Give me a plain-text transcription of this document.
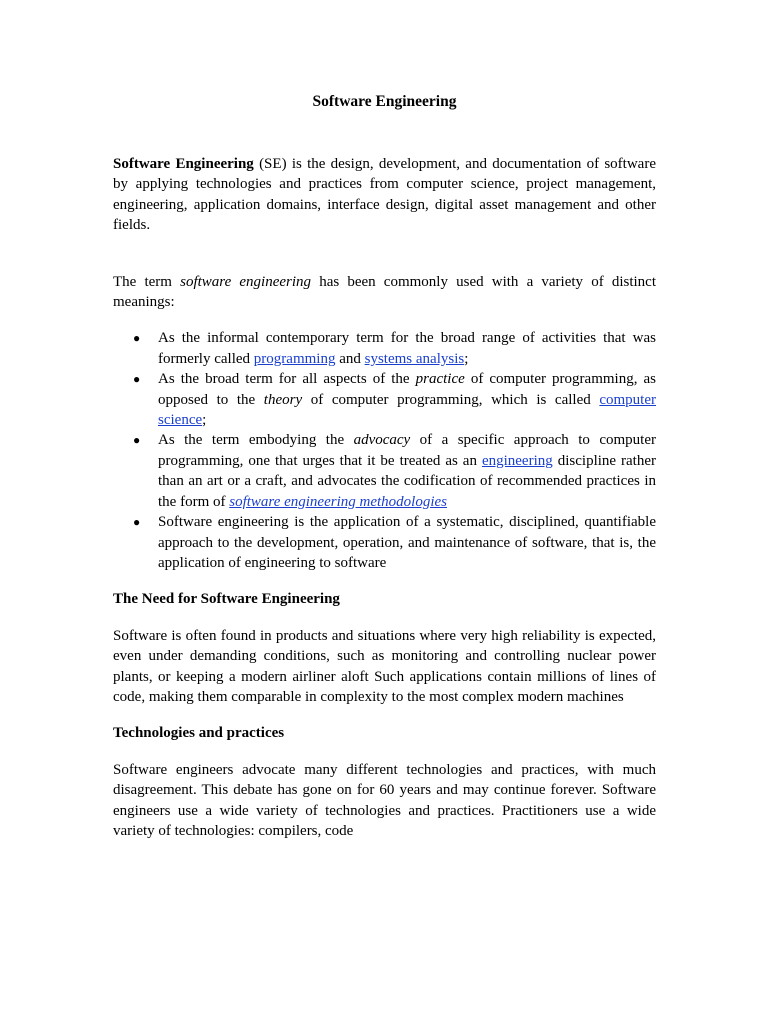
Software Engineering

Software Engineering (SE) is the design, development, and documentation of software by applying technologies and practices from computer science, project management, engineering, application domains, interface design, digital asset management and other fields.

The term software engineering has been commonly used with a variety of distinct meanings:

● As the informal contemporary term for the broad range of activities that was formerly called programming and systems analysis;
● As the broad term for all aspects of the practice of computer programming, as opposed to the theory of computer programming, which is called computer science;
● As the term embodying the advocacy of a specific approach to computer programming, one that urges that it be treated as an engineering discipline rather than an art or a craft, and advocates the codification of recommended practices in the form of software engineering methodologies
● Software engineering is the application of a systematic, disciplined, quantifiable approach to the development, operation, and maintenance of software, that is, the application of engineering to software
The Need for Software Engineering

Software is often found in products and situations where very high reliability is expected, even under demanding conditions, such as monitoring and controlling nuclear power plants, or keeping a modern airliner aloft Such applications contain millions of lines of code, making them comparable in complexity to the most complex modern machines

Technologies and practices

Software engineers advocate many different technologies and practices, with much disagreement. This debate has gone on for 60 years and may continue forever. Software engineers use a wide variety of technologies and practices. Practitioners use a wide variety of technologies: compilers, code
